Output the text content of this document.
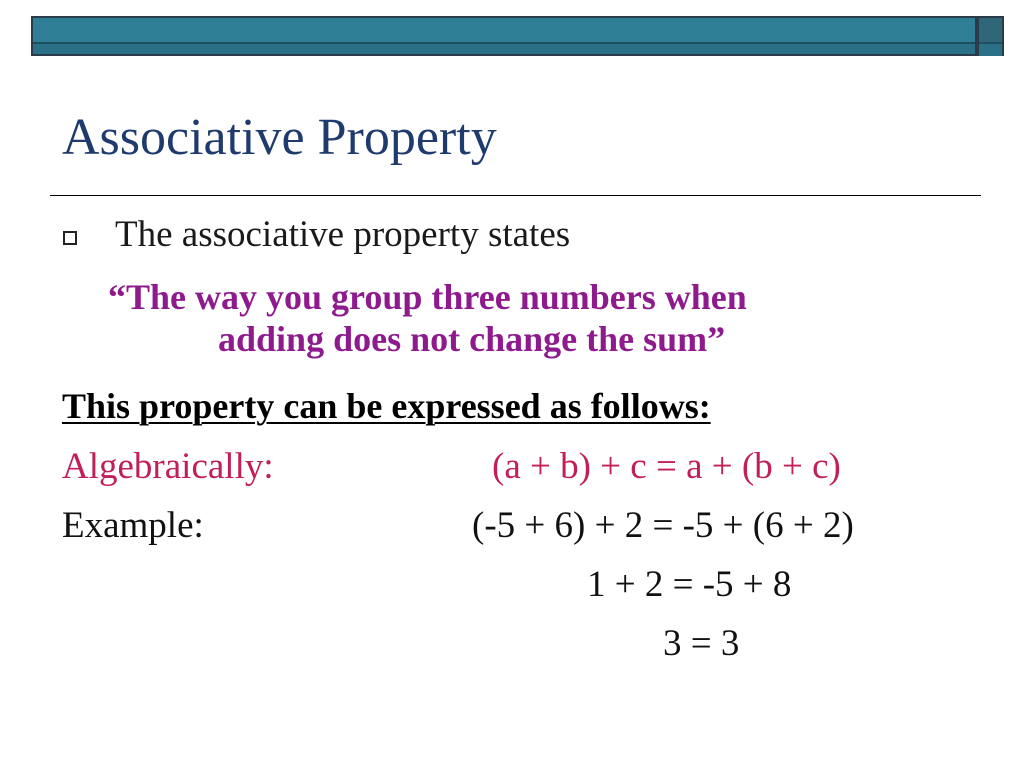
Associative Property
The associative property states
“The way you group three numbers when
adding does not change the sum”
This property can be expressed as follows:
Algebraically:	(a + b) + c = a + (b + c)
Example:	(-5 + 6) + 2 = -5 + (6 + 2)
1 + 2 = -5 + 8
3 = 3
